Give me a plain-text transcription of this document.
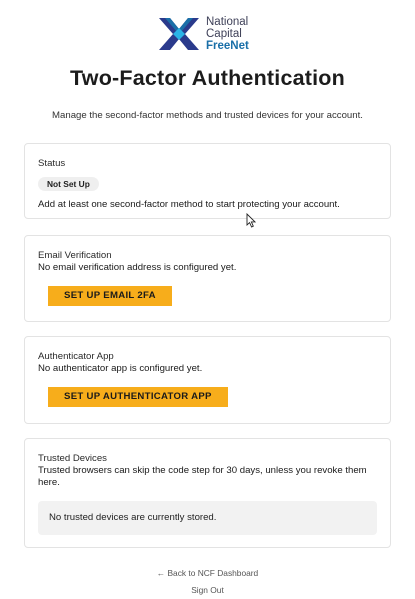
National
Capital
FreeNet
Two-Factor Authentication
Manage the second-factor methods and trusted devices for your account.
Status
Not Set Up
Add at least one second-factor method to start protecting your account.
Email Verification
No email verification address is configured yet.
SET UP EMAIL 2FA
Authenticator App
No authenticator app is configured yet.
SET UP AUTHENTICATOR APP
Trusted Devices
Trusted browsers can skip the code step for 30 days, unless you revoke them here.
No trusted devices are currently stored.
← Back to NCF Dashboard
Sign Out
